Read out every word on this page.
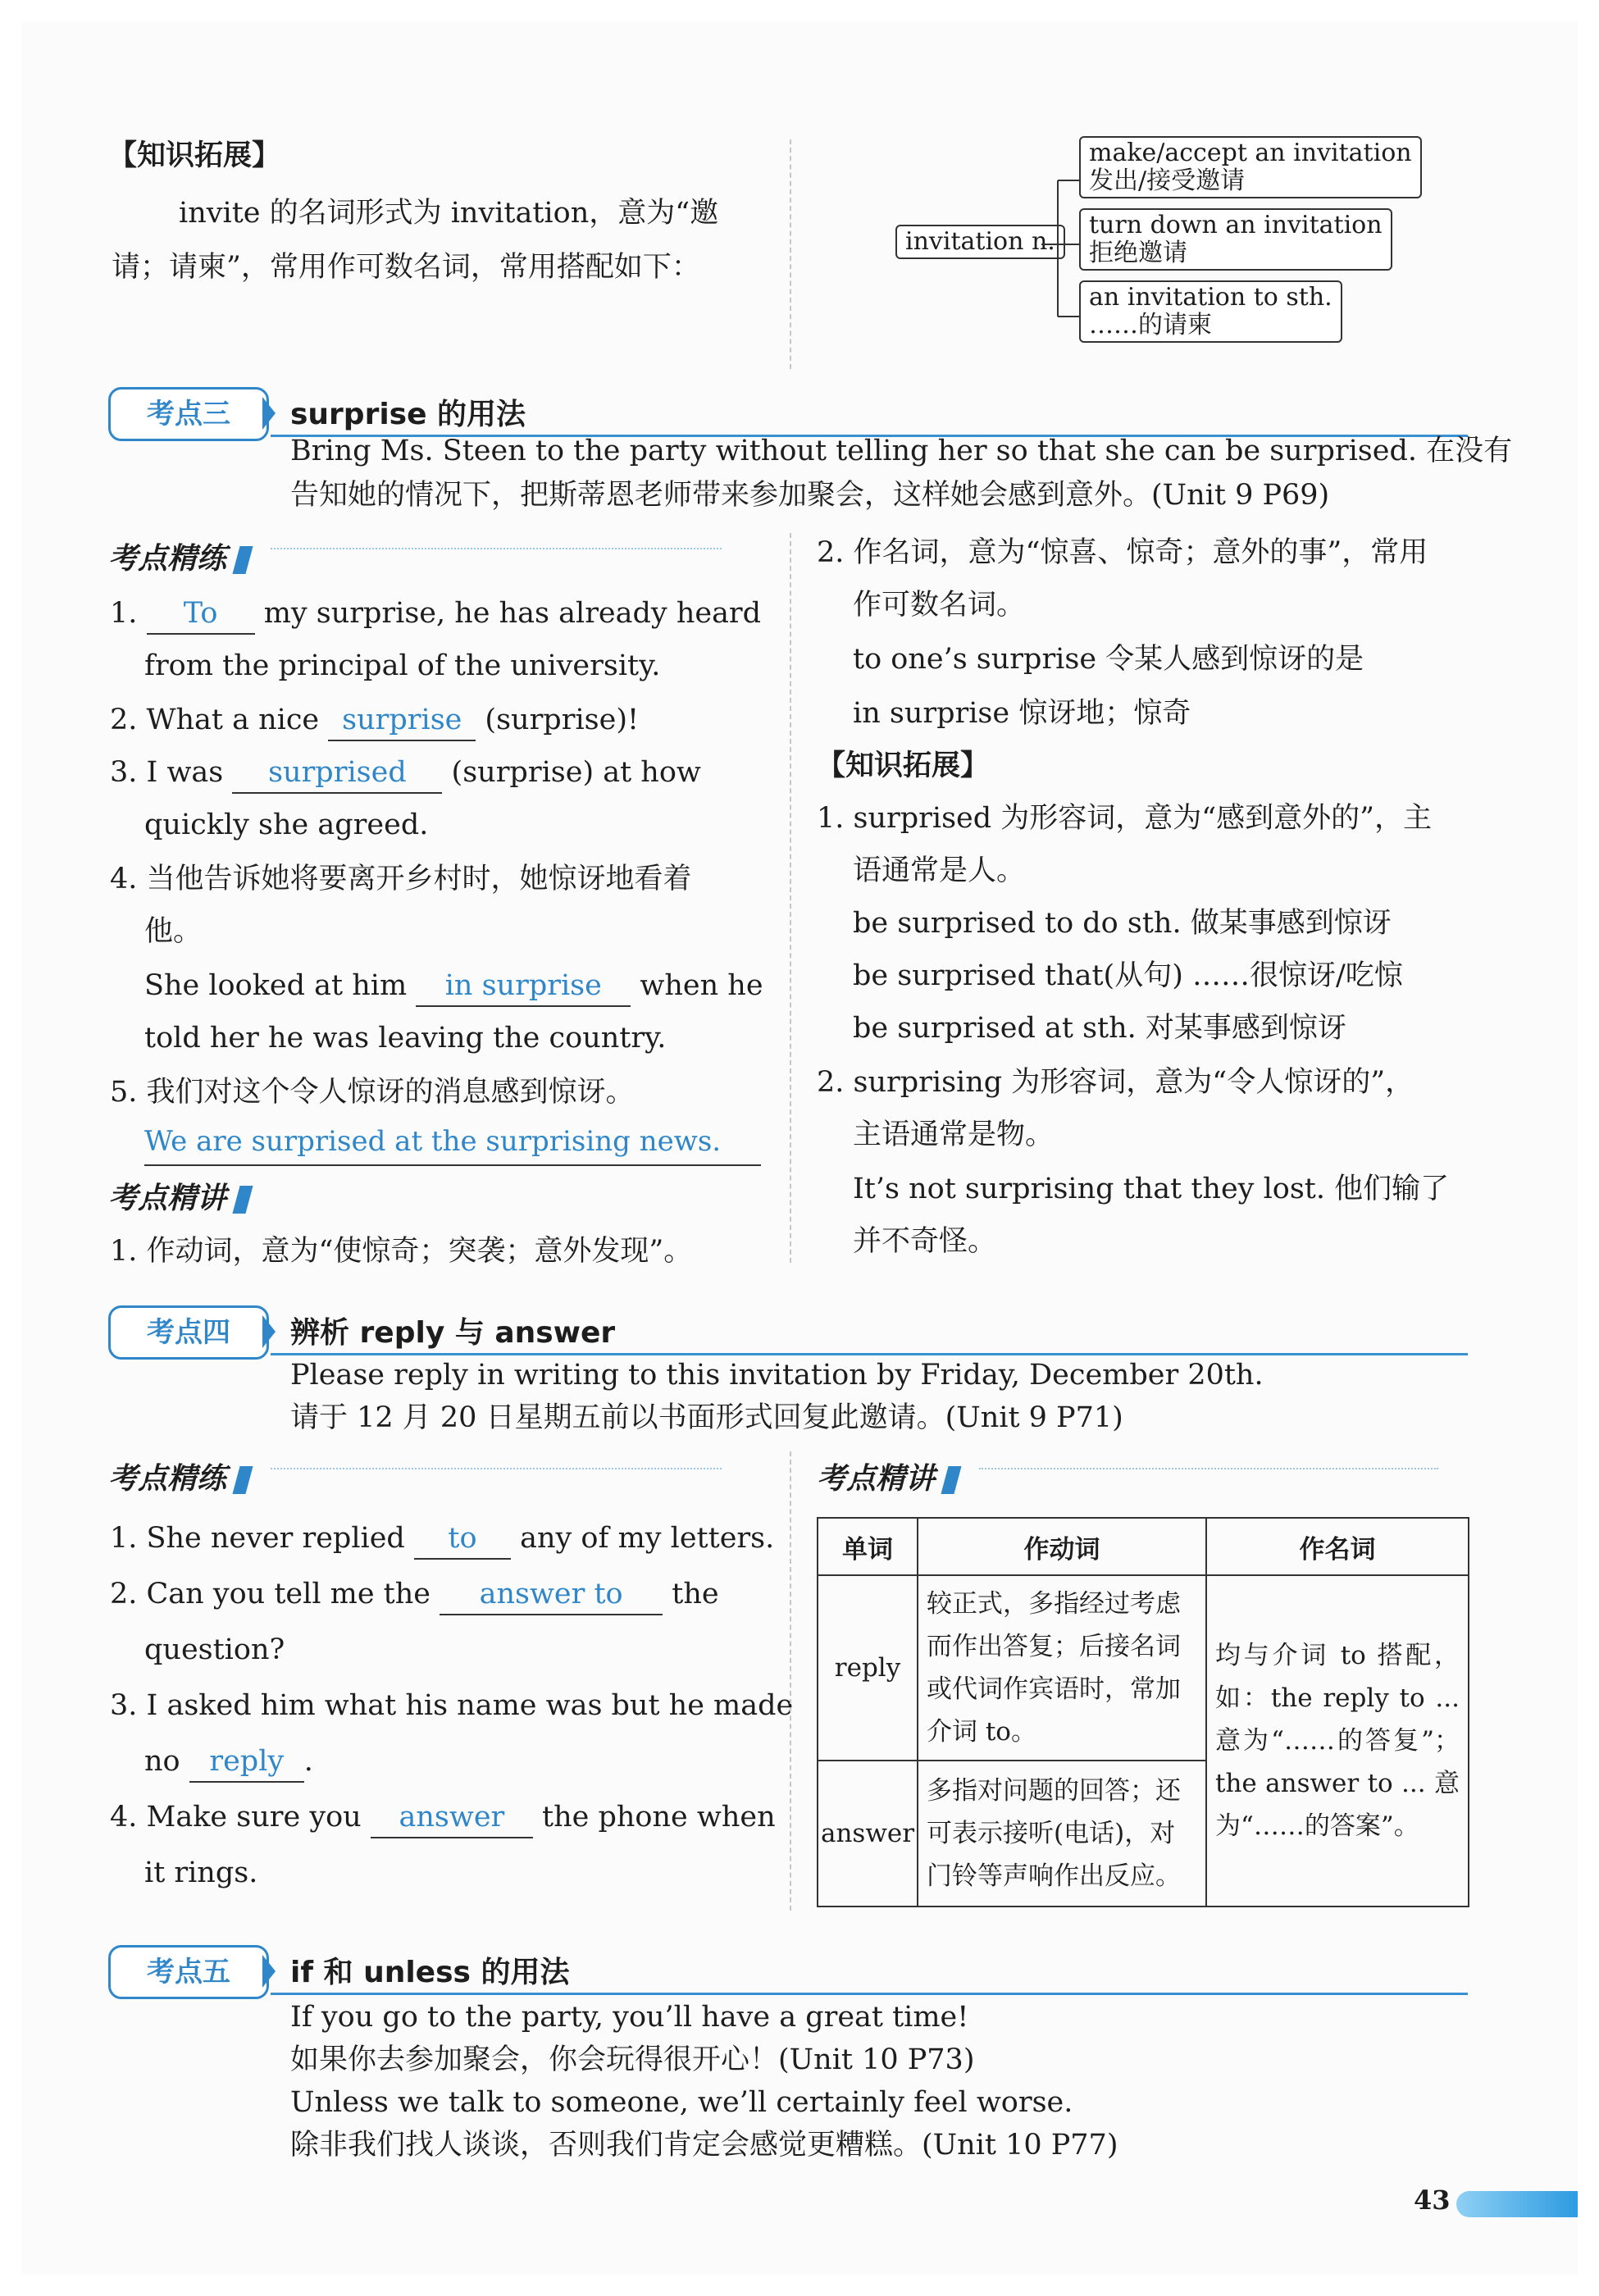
【知识拓展】
invite 的名词形式为 invitation，意为“邀
请；请柬”，常用作可数名词，常用搭配如下：
invitation n.
make/accept an invitation
发出/接受邀请
turn down an invitation
拒绝邀请
an invitation to sth.
……的请柬
考点三	surprise 的用法
Bring Ms. Steen to the party without telling her so that she can be surprised. 在没有
告知她的情况下，把斯蒂恩老师带来参加聚会，这样她会感到意外。(Unit 9 P69)
考点精练
1. To my surprise, he has already heard
from the principal of the university.
2. What a nice surprise (surprise)!
3. I was surprised (surprise) at how
quickly she agreed.
4. 当他告诉她将要离开乡村时，她惊讶地看着
他。
She looked at him in surprise when he
told her he was leaving the country.
5. 我们对这个令人惊讶的消息感到惊讶。
We are surprised at the surprising news.
考点精讲
1. 作动词，意为“使惊奇；突袭；意外发现”。
2. 作名词，意为“惊喜、惊奇；意外的事”，常用
作可数名词。
to one’s surprise 令某人感到惊讶的是
in surprise 惊讶地；惊奇
【知识拓展】
1. surprised 为形容词，意为“感到意外的”，主
语通常是人。
be surprised to do sth. 做某事感到惊讶
be surprised that(从句) ……很惊讶/吃惊
be surprised at sth. 对某事感到惊讶
2. surprising 为形容词，意为“令人惊讶的”，
主语通常是物。
It’s not surprising that they lost. 他们输了
并不奇怪。
考点四	辨析 reply 与 answer
Please reply in writing to this invitation by Friday, December 20th.
请于 12 月 20 日星期五前以书面形式回复此邀请。(Unit 9 P71)
考点精练
1. She never replied to any of my letters.
2. Can you tell me the answer to the
question?
3. I asked him what his name was but he made
no reply .
4. Make sure you answer the phone when
it rings.
考点精讲
单词	作动词	作名词
reply	较正式，多指经过考虑而作出答复；后接名词或代词作宾语时，常加介词 to。	均与介词 to 搭配，如：the reply to ... 意为“……的答复”；the answer to ... 意为“……的答案”。
answer	多指对问题的回答；还可表示接听(电话)，对门铃等声响作出反应。	
考点五	if 和 unless 的用法
If you go to the party, you’ll have a great time!
如果你去参加聚会，你会玩得很开心！(Unit 10 P73)
Unless we talk to someone, we’ll certainly feel worse.
除非我们找人谈谈，否则我们肯定会感觉更糟糕。(Unit 10 P77)
43
